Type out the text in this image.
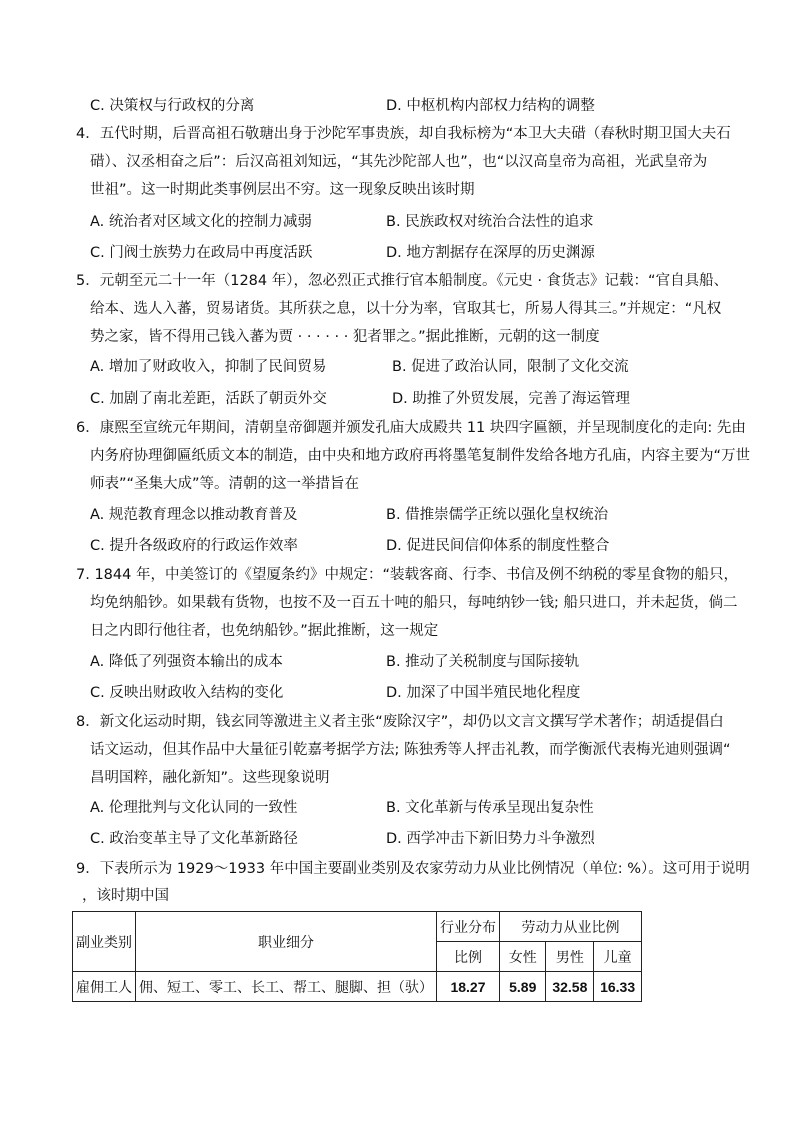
C. 决策权与行政权的分离	D. 中枢机构内部权力结构的调整
4．五代时期，后晋高祖石敬瑭出身于沙陀军事贵族，却自我标榜为“本卫大夫碏（春秋时期卫国大夫石
碏）、汉丞相奋之后”：后汉高祖刘知远，“其先沙陀部人也”，也“以汉高皇帝为高祖，光武皇帝为
世祖”。这一时期此类事例层出不穷。这一现象反映出该时期
A. 统治者对区域文化的控制力减弱	B. 民族政权对统治合法性的追求
C. 门阀士族势力在政局中再度活跃	D. 地方割据存在深厚的历史渊源
5．元朝至元二十一年（1284 年），忽必烈正式推行官本船制度。《元史 · 食货志》记载：“官自具船、
给本、选人入蕃，贸易诸货。其所获之息，以十分为率，官取其七，所易人得其三。”并规定：“凡权
势之家，皆不得用己钱入蕃为贾 · · · · · · 犯者罪之。”据此推断，元朝的这一制度
A. 增加了财政收入，抑制了民间贸易	B. 促进了政治认同，限制了文化交流
C. 加剧了南北差距，活跃了朝贡外交	D. 助推了外贸发展，完善了海运管理
6．康熙至宣统元年期间，清朝皇帝御题并颁发孔庙大成殿共 11 块四字匾额，并呈现制度化的走向: 先由
内务府协理御匾纸质文本的制造，由中央和地方政府再将墨笔复制件发给各地方孔庙，内容主要为“万世
师表”“圣集大成”等。清朝的这一举措旨在
A. 规范教育理念以推动教育普及	B. 借推崇儒学正统以强化皇权统治
C. 提升各级政府的行政运作效率	D. 促进民间信仰体系的制度性整合
7. 1844 年，中美签订的《望厦条约》中规定：“装载客商、行李、书信及例不纳税的零星食物的船只，
均免纳船钞。如果载有货物，也按不及一百五十吨的船只，每吨纳钞一钱; 船只进口，并未起货，倘二
日之内即行他往者，也免纳船钞。”据此推断，这一规定
A. 降低了列强资本输出的成本	B. 推动了关税制度与国际接轨
C. 反映出财政收入结构的变化	D. 加深了中国半殖民地化程度
8．新文化运动时期，钱玄同等激进主义者主张“废除汉字”，却仍以文言文撰写学术著作；胡适提倡白
话文运动，但其作品中大量征引乾嘉考据学方法; 陈独秀等人抨击礼教，而学衡派代表梅光迪则强调“
昌明国粹，融化新知”。这些现象说明
A. 伦理批判与文化认同的一致性	B. 文化革新与传承呈现出复杂性
C. 政治变革主导了文化革新路径	D. 西学冲击下新旧势力斗争激烈
9．下表所示为 1929～1933 年中国主要副业类别及农家劳动力从业比例情况（单位: %）。这可用于说明
，该时期中国
副业类别	职业细分	行业分布	劳动力从业比例		
		比例	女性	男性	儿童
雇佣工人	佣、短工、零工、长工、帮工、腿脚、担（驮）	18.27	5.89	32.58	16.33
